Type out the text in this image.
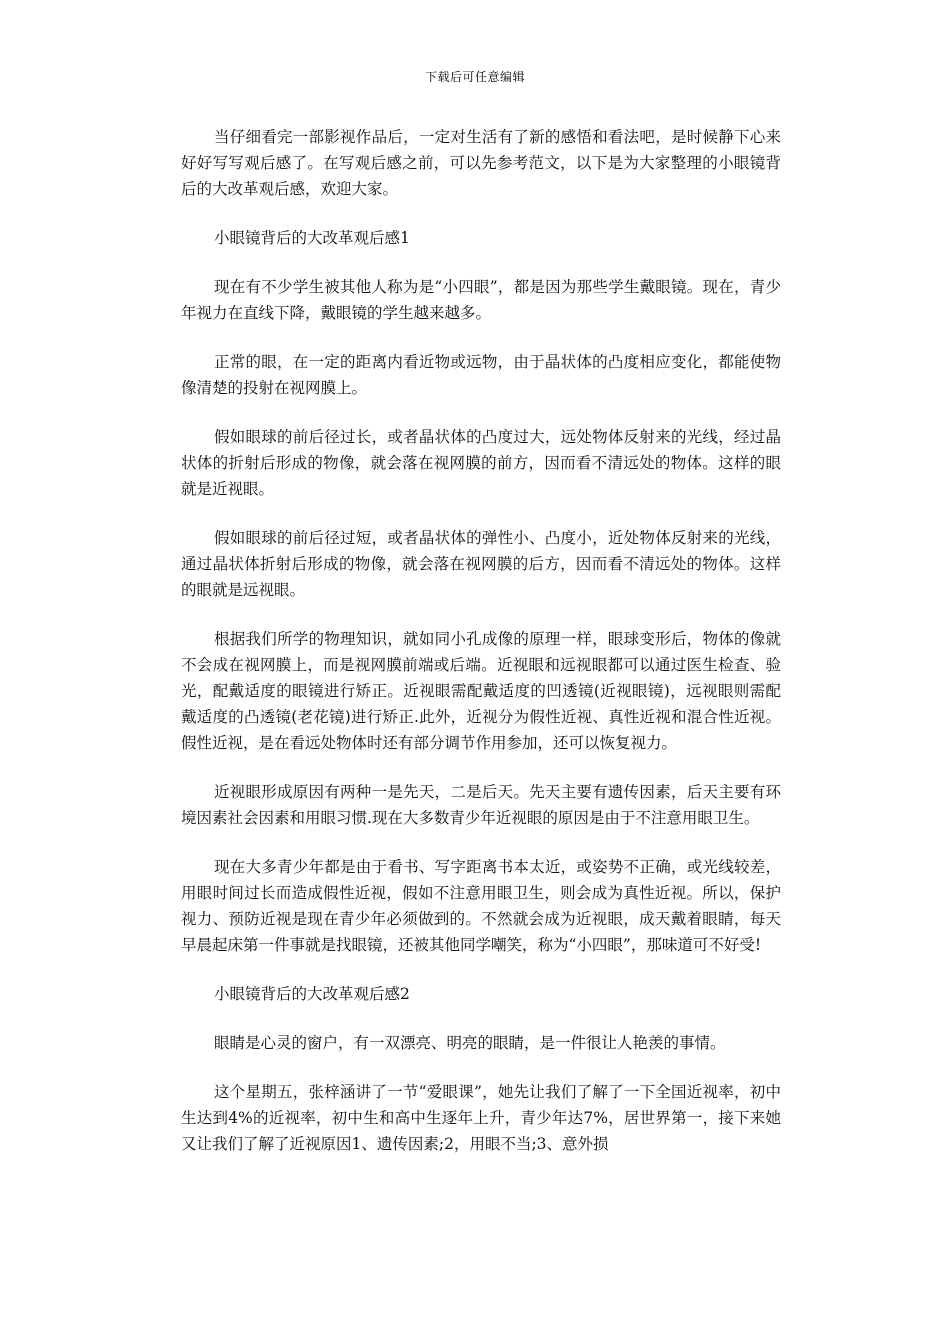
下载后可任意编辑

当仔细看完一部影视作品后，一定对生活有了新的感悟和看法吧，是时候静下心来好好写写观后感了。在写观后感之前，可以先参考范文，以下是为大家整理的小眼镜背后的大改革观后感，欢迎大家。

小眼镜背后的大改革观后感1

现在有不少学生被其他人称为是“小四眼”，都是因为那些学生戴眼镜。现在，青少年视力在直线下降，戴眼镜的学生越来越多。

正常的眼，在一定的距离内看近物或远物，由于晶状体的凸度相应变化，都能使物像清楚的投射在视网膜上。

假如眼球的前后径过长，或者晶状体的凸度过大，远处物体反射来的光线，经过晶状体的折射后形成的物像，就会落在视网膜的前方，因而看不清远处的物体。这样的眼就是近视眼。

假如眼球的前后径过短，或者晶状体的弹性小、凸度小，近处物体反射来的光线，通过晶状体折射后形成的物像，就会落在视网膜的后方，因而看不清远处的物体。这样的眼就是远视眼。

根据我们所学的物理知识，就如同小孔成像的原理一样，眼球变形后，物体的像就不会成在视网膜上，而是视网膜前端或后端。近视眼和远视眼都可以通过医生检查、验光，配戴适度的眼镜进行矫正。近视眼需配戴适度的凹透镜(近视眼镜)，远视眼则需配戴适度的凸透镜(老花镜)进行矫正.此外，近视分为假性近视、真性近视和混合性近视。假性近视，是在看远处物体时还有部分调节作用参加，还可以恢复视力。

近视眼形成原因有两种一是先天，二是后天。先天主要有遗传因素，后天主要有环境因素社会因素和用眼习惯.现在大多数青少年近视眼的原因是由于不注意用眼卫生。

现在大多青少年都是由于看书、写字距离书本太近，或姿势不正确，或光线较差，用眼时间过长而造成假性近视，假如不注意用眼卫生，则会成为真性近视。所以，保护视力、预防近视是现在青少年必须做到的。不然就会成为近视眼，成天戴着眼睛，每天早晨起床第一件事就是找眼镜，还被其他同学嘲笑，称为“小四眼”，那味道可不好受!

小眼镜背后的大改革观后感2

眼睛是心灵的窗户，有一双漂亮、明亮的眼睛，是一件很让人艳羡的事情。

这个星期五，张梓涵讲了一节“爱眼课”，她先让我们了解了一下全国近视率，初中生达到4%的近视率，初中生和高中生逐年上升，青少年达7%，居世界第一，接下来她又让我们了解了近视原因1、遗传因素;2，用眼不当;3、意外损
